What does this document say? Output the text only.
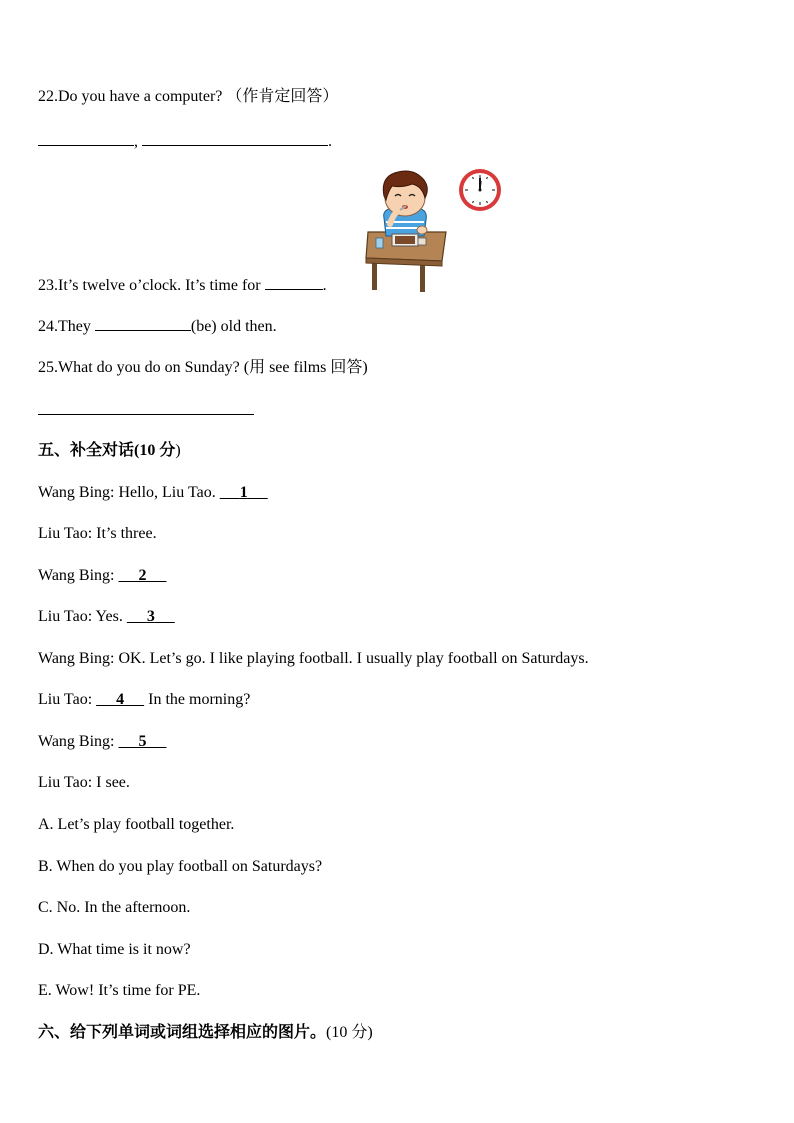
22.Do you have a computer? （作肯定回答）
,	.
23.It’s twelve o’clock. It’s time for	.
24.They	(be) old then.
25.What do you do on Sunday? (用 see films 回答)
五、补全对话(10 分)
Wang Bing: Hello, Liu Tao. 1
Liu Tao: It’s three.
Wang Bing: 2
Liu Tao: Yes. 3
Wang Bing: OK. Let’s go. I like playing football. I usually play football on Saturdays.
Liu Tao: 4 In the morning?
Wang Bing: 5
Liu Tao: I see.
A. Let’s play football together.
B. When do you play football on Saturdays?
C. No. In the afternoon.
D. What time is it now?
E. Wow! It’s time for PE.
六、给下列单词或词组选择相应的图片。(10 分)
